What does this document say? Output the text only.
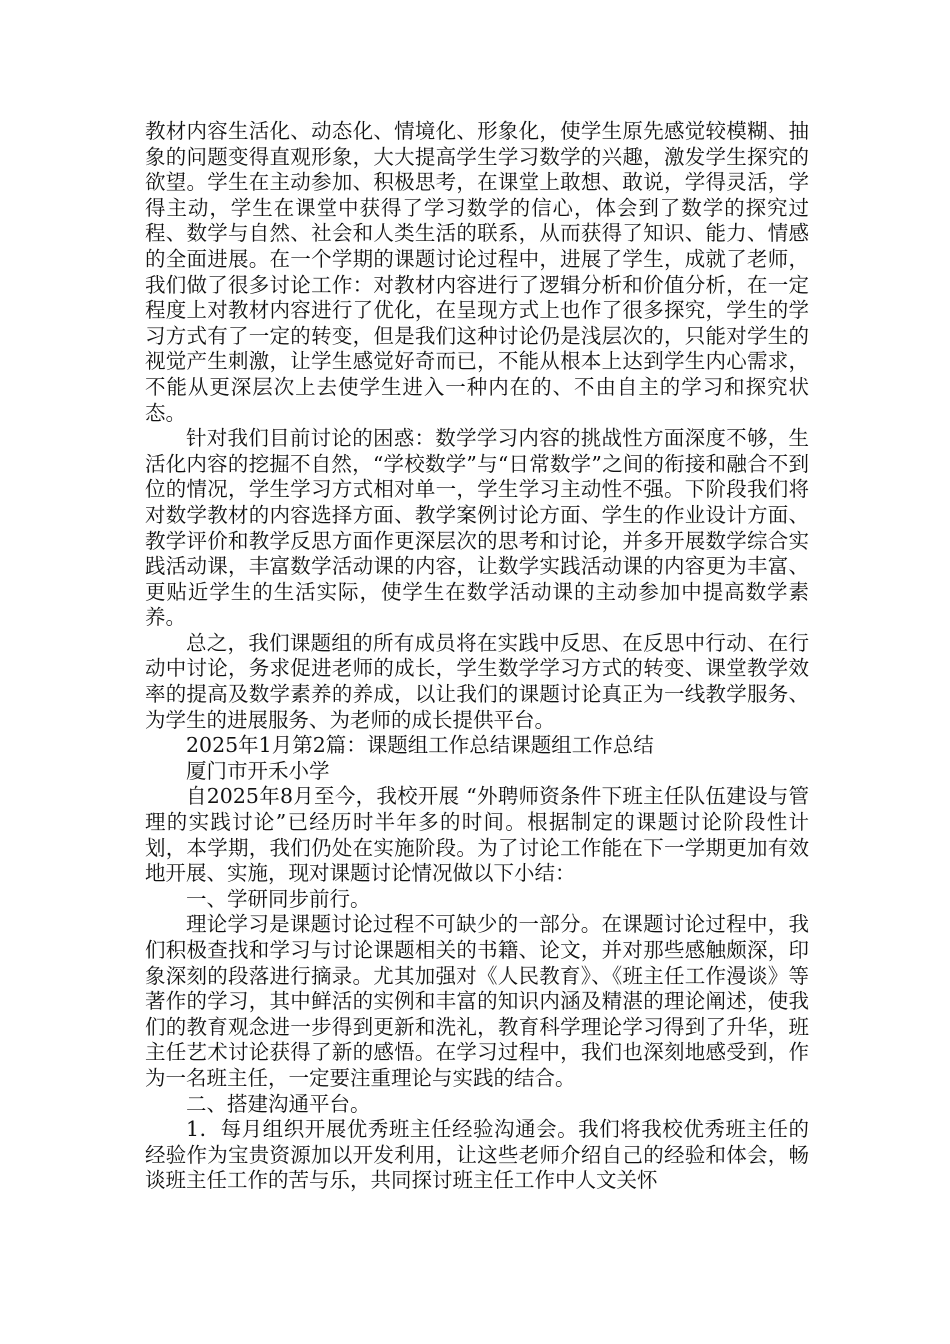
教材内容生活化、动态化、情境化、形象化，使学生原先感觉较模糊、抽象的问题变得直观形象，大大提高学生学习数学的兴趣，激发学生探究的欲望。学生在主动参加、积极思考，在课堂上敢想、敢说，学得灵活，学得主动，学生在课堂中获得了学习数学的信心，体会到了数学的探究过程、数学与自然、社会和人类生活的联系，从而获得了知识、能力、情感的全面进展。在一个学期的课题讨论过程中，进展了学生，成就了老师，我们做了很多讨论工作：对教材内容进行了逻辑分析和价值分析，在一定程度上对教材内容进行了优化，在呈现方式上也作了很多探究，学生的学习方式有了一定的转变，但是我们这种讨论仍是浅层次的，只能对学生的视觉产生刺激，让学生感觉好奇而已，不能从根本上达到学生内心需求，不能从更深层次上去使学生进入一种内在的、不由自主的学习和探究状态。

针对我们目前讨论的困惑：数学学习内容的挑战性方面深度不够，生活化内容的挖掘不自然，“学校数学”与“日常数学”之间的衔接和融合不到位的情况，学生学习方式相对单一，学生学习主动性不强。下阶段我们将对数学教材的内容选择方面、教学案例讨论方面、学生的作业设计方面、教学评价和教学反思方面作更深层次的思考和讨论，并多开展数学综合实践活动课，丰富数学活动课的内容，让数学实践活动课的内容更为丰富、更贴近学生的生活实际，使学生在数学活动课的主动参加中提高数学素养。

总之，我们课题组的所有成员将在实践中反思、在反思中行动、在行动中讨论，务求促进老师的成长，学生数学学习方式的转变、课堂教学效率的提高及数学素养的养成，以让我们的课题讨论真正为一线教学服务、为学生的进展服务、为老师的成长提供平台。

2025年1月第2篇：课题组工作总结课题组工作总结

厦门市开禾小学

自2025年8月至今，我校开展 “外聘师资条件下班主任队伍建设与管理的实践讨论”已经历时半年多的时间。根据制定的课题讨论阶段性计划，本学期，我们仍处在实施阶段。为了讨论工作能在下一学期更加有效地开展、实施，现对课题讨论情况做以下小结：

一、学研同步前行。

理论学习是课题讨论过程不可缺少的一部分。在课题讨论过程中，我们积极查找和学习与讨论课题相关的书籍、论文，并对那些感触颇深，印象深刻的段落进行摘录。尤其加强对《人民教育》、《班主任工作漫谈》等著作的学习，其中鲜活的实例和丰富的知识内涵及精湛的理论阐述，使我们的教育观念进一步得到更新和洗礼，教育科学理论学习得到了升华，班主任艺术讨论获得了新的感悟。在学习过程中，我们也深刻地感受到，作为一名班主任，一定要注重理论与实践的结合。

二、搭建沟通平台。

1．每月组织开展优秀班主任经验沟通会。我们将我校优秀班主任的经验作为宝贵资源加以开发利用，让这些老师介绍自己的经验和体会，畅谈班主任工作的苦与乐，共同探讨班主任工作中人文关怀
